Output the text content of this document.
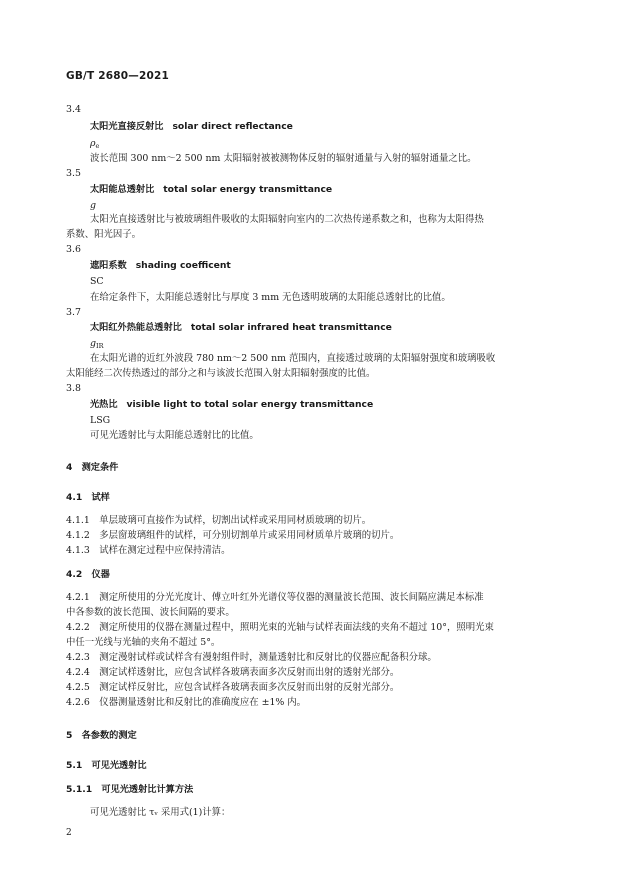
GB/T 2680—2021
3.4
太阳光直接反射比 solar direct reflectance
$\rho_e$
波长范围 300 nm～2 500 nm 太阳辐射被被测物体反射的辐射通量与入射的辐射通量之比。
3.5
太阳能总透射比 total solar energy transmittance
g
太阳光直接透射比与被玻璃组件吸收的太阳辐射向室内的二次热传递系数之和，也称为太阳得热
系数、阳光因子。
3.6
遮阳系数 shading coefficent
SC
在给定条件下，太阳能总透射比与厚度 3 mm 无色透明玻璃的太阳能总透射比的比值。
3.7
太阳红外热能总透射比 total solar infrared heat transmittance
$g_{IR}$
在太阳光谱的近红外波段 780 nm～2 500 nm 范围内，直接透过玻璃的太阳辐射强度和玻璃吸收
太阳能经二次传热透过的部分之和与该波长范围入射太阳辐射强度的比值。
3.8
光热比 visible light to total solar energy transmittance
LSG
可见光透射比与太阳能总透射比的比值。
4　测定条件
4.1　试样
4.1.1　单层玻璃可直接作为试样，切割出试样或采用同材质玻璃的切片。
4.1.2　多层窗玻璃组件的试样，可分别切割单片或采用同材质单片玻璃的切片。
4.1.3　试样在测定过程中应保持清洁。
4.2　仪器
4.2.1　测定所使用的分光光度计、傅立叶红外光谱仪等仪器的测量波长范围、波长间隔应满足本标准
中各参数的波长范围、波长间隔的要求。
4.2.2　测定所使用的仪器在测量过程中，照明光束的光轴与试样表面法线的夹角不超过 10°，照明光束
中任一光线与光轴的夹角不超过 5°。
4.2.3　测定漫射试样或试样含有漫射组件时，测量透射比和反射比的仪器应配备积分球。
4.2.4　测定试样透射比，应包含试样各玻璃表面多次反射而出射的透射光部分。
4.2.5　测定试样反射比，应包含试样各玻璃表面多次反射而出射的反射光部分。
4.2.6　仪器测量透射比和反射比的准确度应在 ±1% 内。
5　各参数的测定
5.1　可见光透射比
5.1.1　可见光透射比计算方法
可见光透射比 τᵥ 采用式(1)计算：
2
